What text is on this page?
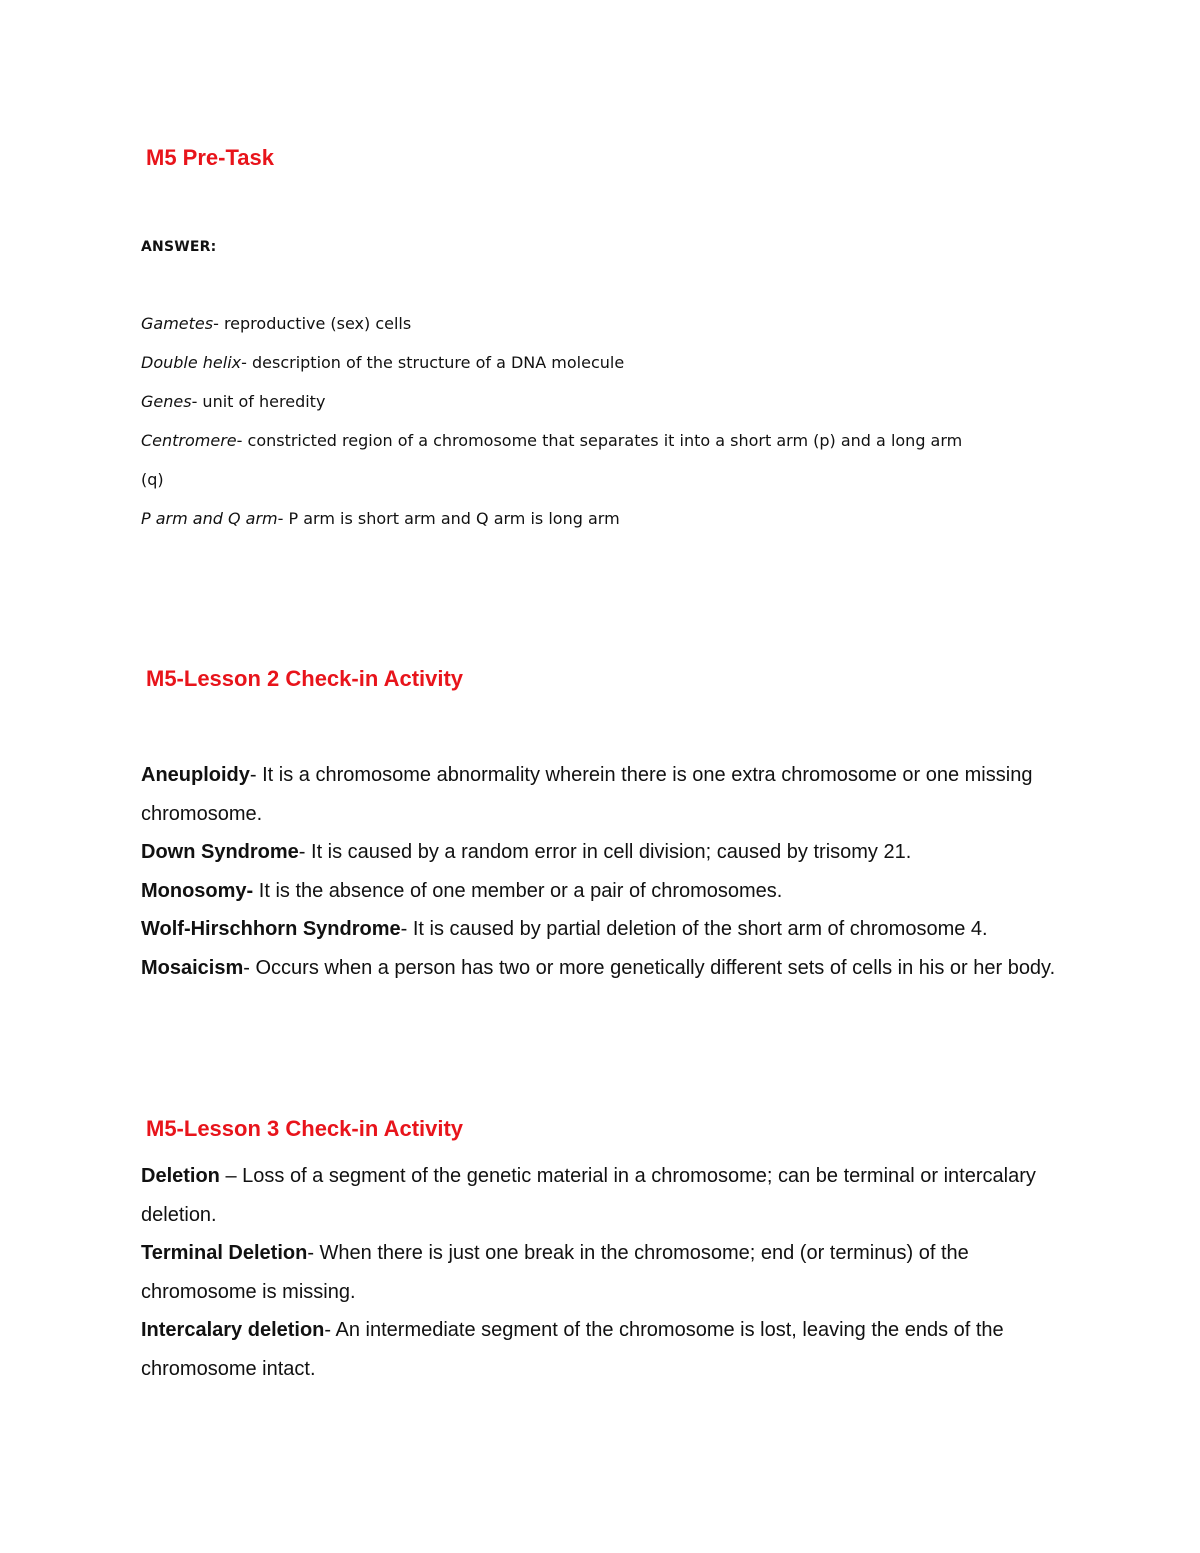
M5 Pre-Task
ANSWER:
Gametes- reproductive (sex) cells
Double helix- description of the structure of a DNA molecule
Genes- unit of heredity
Centromere- constricted region of a chromosome that separates it into a short arm (p) and a long arm
(q)
P arm and Q arm- P arm is short arm and Q arm is long arm
M5-Lesson 2 Check-in Activity
Aneuploidy- It is a chromosome abnormality wherein there is one extra chromosome or one missing chromosome.
Down Syndrome- It is caused by a random error in cell division; caused by trisomy 21.
Monosomy- It is the absence of one member or a pair of chromosomes.
Wolf-Hirschhorn Syndrome- It is caused by partial deletion of the short arm of chromosome 4.
Mosaicism- Occurs when a person has two or more genetically different sets of cells in his or her body.
M5-Lesson 3 Check-in Activity
Deletion – Loss of a segment of the genetic material in a chromosome; can be terminal or intercalary deletion.
Terminal Deletion- When there is just one break in the chromosome; end (or terminus) of the chromosome is missing.
Intercalary deletion- An intermediate segment of the chromosome is lost, leaving the ends of the chromosome intact.
